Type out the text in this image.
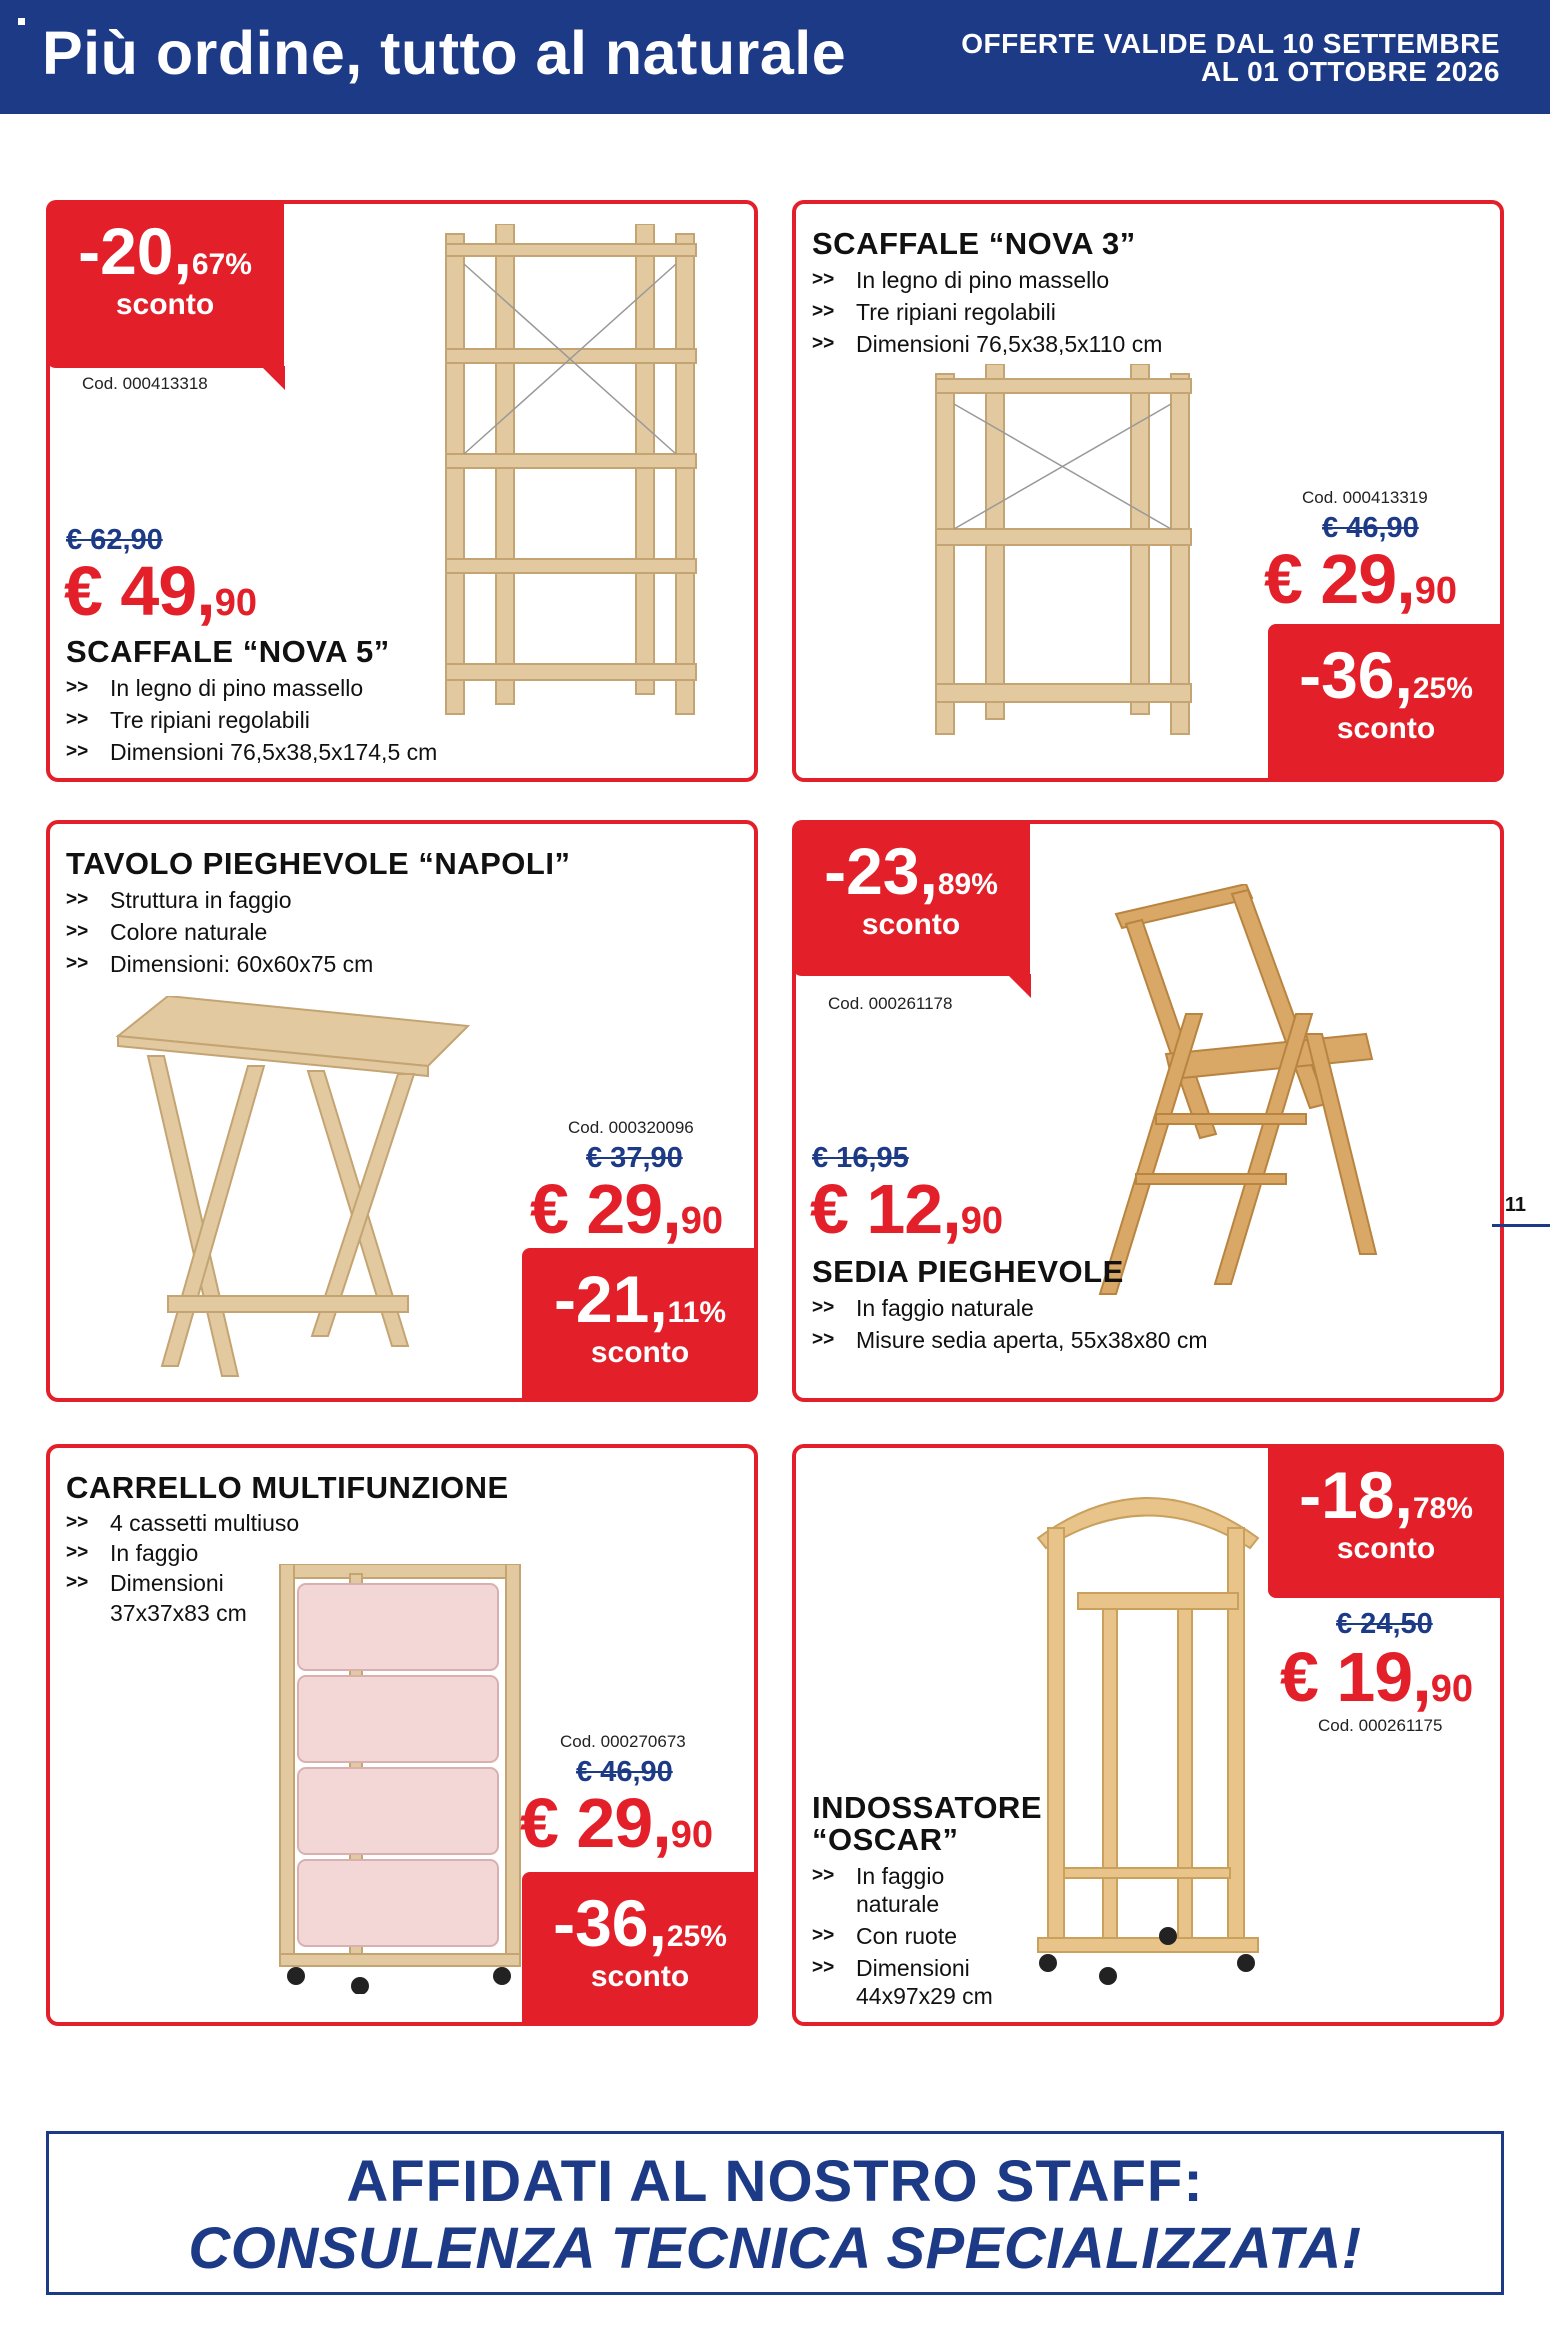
Più ordine, tutto al naturale	OFFERTE VALIDE DAL 10 SETTEMBRE
AL 01 OTTOBRE 2026
-20,67%
sconto
Cod. 000413318
€ 62,90
€ 49,90
SCAFFALE “NOVA 5”
>> In legno di pino massello
>> Tre ripiani regolabili
>> Dimensioni 76,5x38,5x174,5 cm
SCAFFALE “NOVA 3”
>> In legno di pino massello
>> Tre ripiani regolabili
>> Dimensioni 76,5x38,5x110 cm
Cod. 000413319
€ 46,90
€ 29,90
-36,25%
sconto
TAVOLO PIEGHEVOLE “NAPOLI”
>> Struttura in faggio
>> Colore naturale
>> Dimensioni: 60x60x75 cm
Cod. 000320096
€ 37,90
€ 29,90
-21,11%
sconto
-23,89%
sconto
Cod. 000261178
€ 16,95
€ 12,90
SEDIA PIEGHEVOLE
>> In faggio naturale
>> Misure sedia aperta, 55x38x80 cm
CARRELLO MULTIFUNZIONE
>> 4 cassetti multiuso
>> In faggio
>> Dimensioni 37x37x83 cm
Cod. 000270673
€ 46,90
€ 29,90
-36,25%
sconto
-18,78%
sconto
€ 24,50
€ 19,90
Cod. 000261175
INDOSSATORE
“OSCAR”
>> In faggio naturale
>> Con ruote
>> Dimensioni 44x97x29 cm
11
AFFIDATI AL NOSTRO STAFF:
CONSULENZA TECNICA SPECIALIZZATA!
